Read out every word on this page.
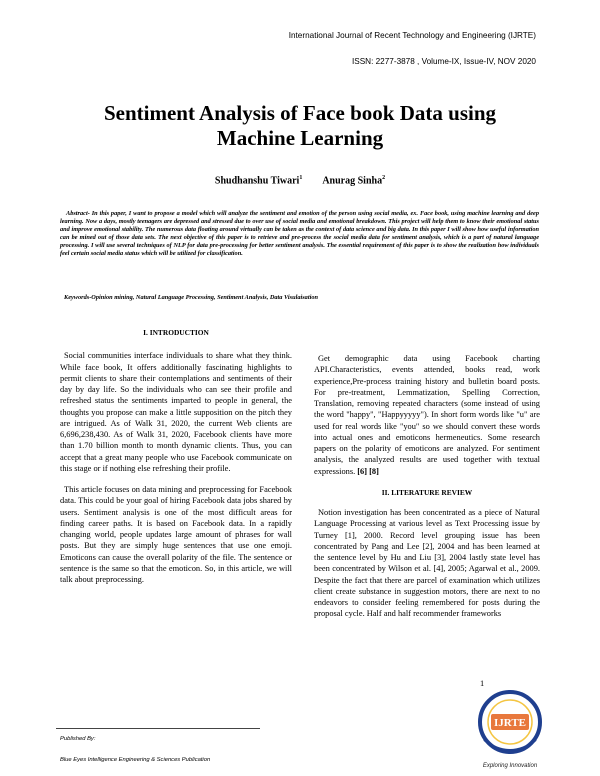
International Journal of Recent Technology and Engineering (IJRTE)
ISSN: 2277-3878 , Volume-IX, Issue-IV, NOV 2020
Sentiment Analysis of Face book Data using Machine Learning
Shudhanshu Tiwari$^1$ Anurag Sinha$^2$
Abstract- In this paper, I want to propose a model which will analyze the sentiment and emotion of the person using social media, ex. Face book, using machine learning and deep learning. Now a days, mostly teenagers are depressed and stressed due to over use of social media and emotional breakdown. This project will help them to know their emotional status and improve emotional stability. The numerous data floating around virtually can be taken as the context of data science and big data. In this paper I will show how useful information can be mined out of those data sets. The next objective of this paper is to retrieve and pre-process the social media data for sentiment analysis, which is a part of natural language processing. I will use several techniques of NLP for data pre-processing for better sentiment analysis. The essential requirement of this paper is to show the realization how individuals feel certain social media status which will be utilized for classification.
Keywords-Opinion mining, Natural Language Processing, Sentiment Analysis, Data Visulaisation
I. INTRODUCTION

Social communities interface individuals to share what they think. While face book, It offers additionally fascinating highlights to permit clients to share their contemplations and sentiments of their day by day life. So the individuals who can see their profile and refreshed status the sentiments imparted to people in general, the thoughts you propose can make a little supposition on the pitch they are intrigued. As of Walk 31, 2020, the current Web clients are 6,696,238,430. As of Walk 31, 2020, Facebook clients have more than 1.70 billion month to month dynamic clients. Thus, you can accept that a great many people who use Facebook communicate on this stage or if nothing else refreshing their profile.

This article focuses on data mining and preprocessing for Facebook data. This could be your goal of hiring Facebook data jobs shared by users. Sentiment analysis is one of the most difficult areas for finding career paths. It is based on Facebook data. In a rapidly changing world, people updates large amount of phrases for wall posts. But they are simply huge sentences that use one emoji. Emoticons can cause the overall polarity of the file. The sentence or sentence is the same so that the emoticon. So, in this article, we will talk about preprocessing.

Get demographic data using Facebook charting API.Characteristics, events attended, books read, work experience,Pre-process training history and bulletin board posts. For pre-treatment, Lemmatization, Spelling Correction, Translation, removing repeated characters (some instead of using the word "happy", "Happyyyyy"). In short form words like "u" are used for real words like "you" so we should convert these words into actual ones and emoticons hermeneutics. Some research papers on the polarity of emoticons are analyzed. For sentiment analysis, the analyzed results are used together with textual expressions. [6] [8]

II. LITERATURE REVIEW

Notion investigation has been concentrated as a piece of Natural Language Processing at various level as Text Processing issue by Turney [1], 2000. Record level grouping issue has been concentrated by Pang and Lee [2], 2004 and has been learned at the sentence level by Hu and Liu [3], 2004 lastly state level has been concentrated by Wilson et al. [4], 2005; Agarwal et al., 2009. Despite the fact that there are parcel of examination which utilizes client create substance in suggestion motors, there are next to no endeavors to consider feeling remembered for posts during the proposal cycle. Half and half recommender frameworks

1
Published By:
Blue Eyes Intelligence Engineering & Sciences Publication
IJRTE
Exploring Innovation
